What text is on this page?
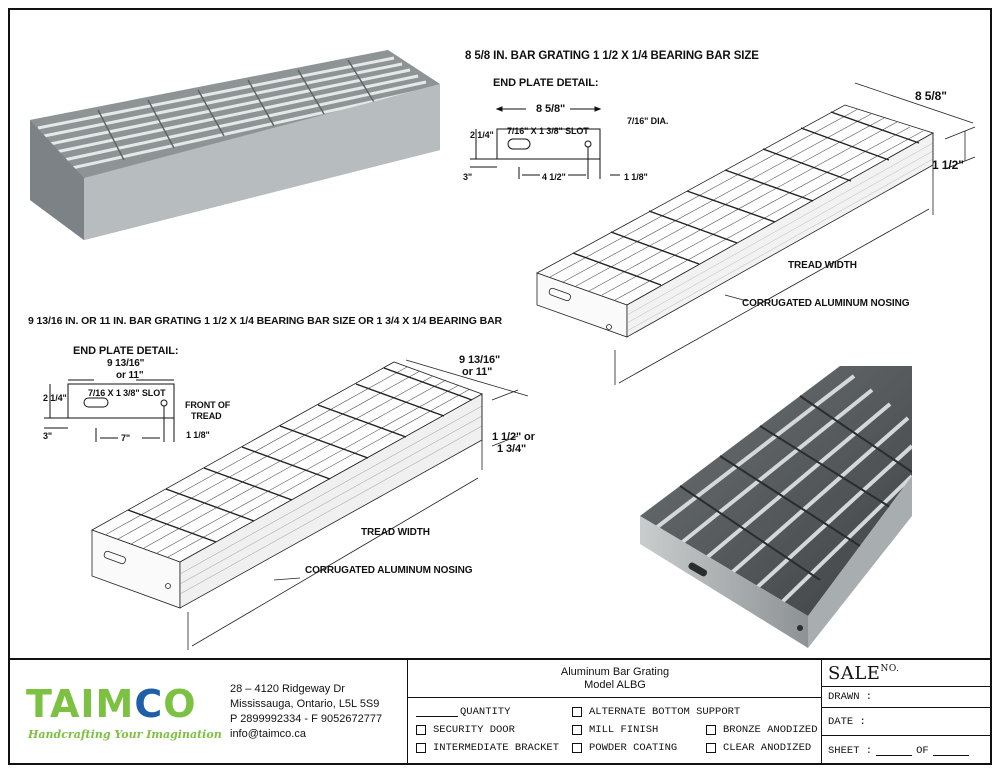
8 5/8 IN. BAR GRATING 1 1/2 X 1/4 BEARING BAR SIZE
END PLATE DETAIL:
8 5/8"
7/16" X 1 3/8" SLOT
7/16" DIA.
2 1/4"
3"	4 1/2"	1 1/8"
8 5/8"
1 1/2"
TREAD WIDTH
CORRUGATED ALUMINUM NOSING
9 13/16 IN. OR 11 IN. BAR GRATING 1 1/2 X 1/4 BEARING BAR SIZE OR 1 3/4 X 1/4 BEARING BAR
END PLATE DETAIL:
9 13/16"
or 11"
7/16 X 1 3/8" SLOT
FRONT OF
TREAD
2 1/4"
3"	7"	1 1/8"
9 13/16"
or 11"
1 1/2" or
1 3/4"
TREAD WIDTH
CORRUGATED ALUMINUM NOSING
TAIMCO
Handcrafting Your Imagination
28 – 4120 Ridgeway Dr
Mississauga, Ontario, L5L 5S9
P 2899992334 - F 9052672777
info@taimco.ca
Aluminum Bar Grating
Model ALBG
QUANTITY
SECURITY DOOR
INTERMEDIATE BRACKET
ALTERNATE BOTTOM SUPPORT
MILL FINISH
POWDER COATING
BRONZE ANODIZED
CLEAR ANODIZED
SALE NO.
DRAWN :
DATE :
SHEET :	OF
